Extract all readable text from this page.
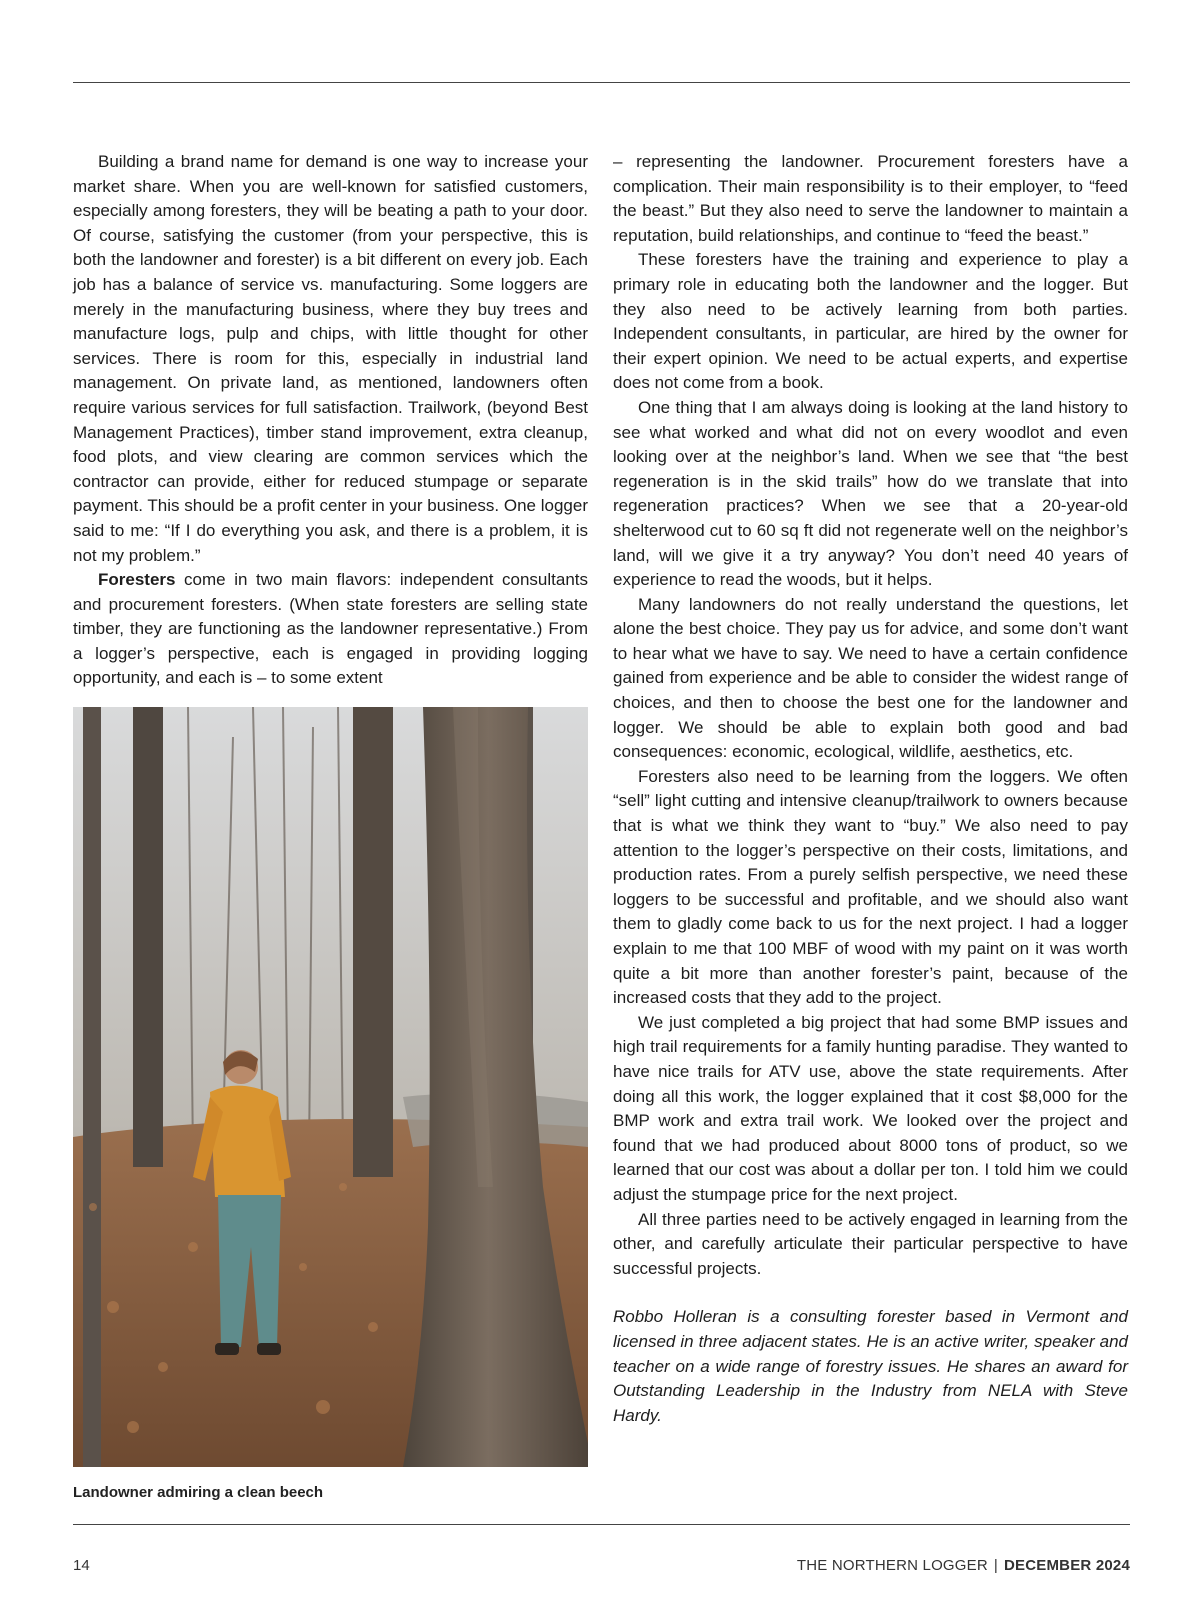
Building a brand name for demand is one way to increase your market share. When you are well-known for satisfied customers, especially among foresters, they will be beating a path to your door. Of course, satisfying the customer (from your perspective, this is both the landowner and forester) is a bit different on every job. Each job has a balance of service vs. manufacturing. Some loggers are merely in the manufacturing business, where they buy trees and manufacture logs, pulp and chips, with little thought for other services. There is room for this, especially in industrial land management. On private land, as mentioned, landowners often require various services for full satisfaction. Trailwork, (beyond Best Management Practices), timber stand improvement, extra cleanup, food plots, and view clearing are common services which the contractor can provide, either for reduced stumpage or separate payment. This should be a profit center in your business. One logger said to me: “If I do everything you ask, and there is a problem, it is not my problem.”

Foresters come in two main flavors: independent consultants and procurement foresters. (When state foresters are selling state timber, they are functioning as the landowner representative.) From a logger’s perspective, each is engaged in providing logging opportunity, and each is – to some extent

Landowner admiring a clean beech

– representing the landowner. Procurement foresters have a complication. Their main responsibility is to their employer, to “feed the beast.” But they also need to serve the landowner to maintain a reputation, build relationships, and continue to “feed the beast.”

These foresters have the training and experience to play a primary role in educating both the landowner and the logger. But they also need to be actively learning from both parties. Independent consultants, in particular, are hired by the owner for their expert opinion. We need to be actual experts, and expertise does not come from a book.

One thing that I am always doing is looking at the land history to see what worked and what did not on every woodlot and even looking over at the neighbor’s land. When we see that “the best regeneration is in the skid trails” how do we translate that into regeneration practices? When we see that a 20-year-old shelterwood cut to 60 sq ft did not regenerate well on the neighbor’s land, will we give it a try anyway? You don’t need 40 years of experience to read the woods, but it helps.

Many landowners do not really understand the questions, let alone the best choice. They pay us for advice, and some don’t want to hear what we have to say. We need to have a certain confidence gained from experience and be able to consider the widest range of choices, and then to choose the best one for the landowner and logger. We should be able to explain both good and bad consequences: economic, ecological, wildlife, aesthetics, etc.

Foresters also need to be learning from the loggers. We often “sell” light cutting and intensive cleanup/trailwork to owners because that is what we think they want to “buy.” We also need to pay attention to the logger’s perspective on their costs, limitations, and production rates. From a purely selfish perspective, we need these loggers to be successful and profitable, and we should also want them to gladly come back to us for the next project. I had a logger explain to me that 100 MBF of wood with my paint on it was worth quite a bit more than another forester’s paint, because of the increased costs that they add to the project.

We just completed a big project that had some BMP issues and high trail requirements for a family hunting paradise. They wanted to have nice trails for ATV use, above the state requirements. After doing all this work, the logger explained that it cost $8,000 for the BMP work and extra trail work. We looked over the project and found that we had produced about 8000 tons of product, so we learned that our cost was about a dollar per ton. I told him we could adjust the stumpage price for the next project.

All three parties need to be actively engaged in learning from the other, and carefully articulate their particular perspective to have successful projects.

Robbo Holleran is a consulting forester based in Vermont and licensed in three adjacent states. He is an active writer, speaker and teacher on a wide range of forestry issues. He shares an award for Outstanding Leadership in the Industry from NELA with Steve Hardy.

14	THE NORTHERN LOGGER | DECEMBER 2024
